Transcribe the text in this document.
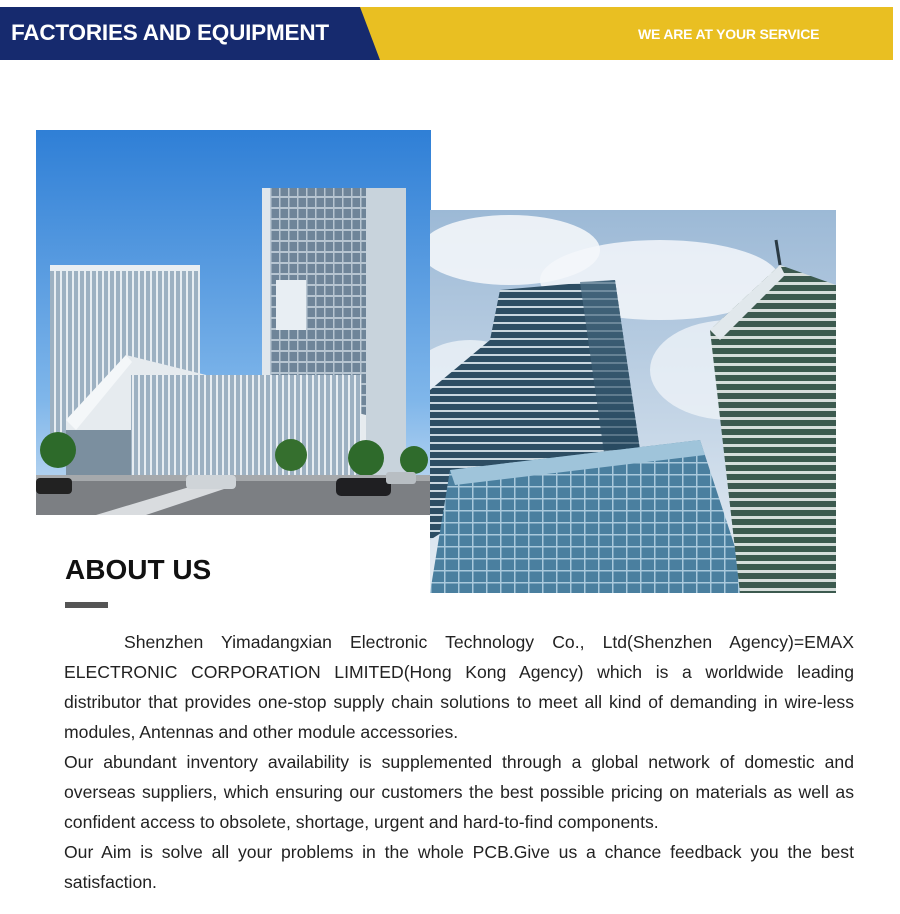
FACTORIES AND EQUIPMENT	WE ARE AT YOUR SERVICE
ABOUT US

Shenzhen Yimadangxian Electronic Technology Co., Ltd(Shenzhen Agency)=EMAX ELECTRONIC CORPORATION LIMITED(Hong Kong Agency) which is a worldwide leading distributor that provides one-stop supply chain solutions to meet all kind of demanding in wire-less modules, Antennas and other module accessories.

Our abundant inventory availability is supplemented through a global network of domestic and overseas suppliers, which ensuring our customers the best possible pricing on materials as well as confident access to obsolete, shortage, urgent and hard-to-find components.

Our Aim is solve all your problems in the whole PCB.Give us a chance feedback you the best satisfaction.
